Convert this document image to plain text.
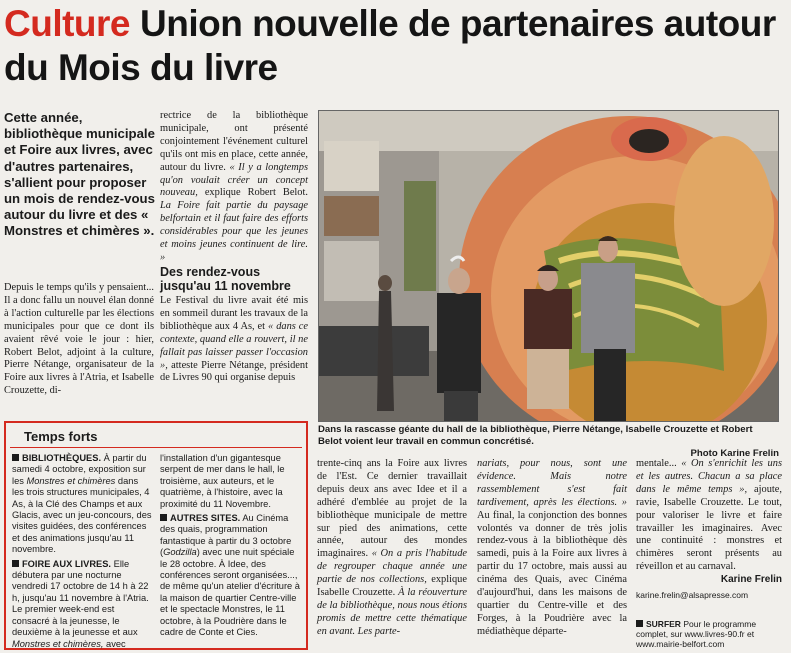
Culture Union nouvelle de partenaires autour du Mois du livre
Cette année, bibliothèque municipale et Foire aux livres, avec d'autres partenaires, s'allient pour proposer un mois de rendez-vous autour du livre et des « Monstres et chimères ».
Depuis le temps qu'ils y pensaient... Il a donc fallu un nouvel élan donné à l'action culturelle par les élections municipales pour que ce dont ils avaient rêvé voie le jour : hier, Robert Belot, adjoint à la culture, Pierre Nétange, organisateur de la Foire aux livres à l'Atria, et Isabelle Crouzette, di-
rectrice de la bibliothèque municipale, ont présenté conjointement l'événement culturel qu'ils ont mis en place, cette année, autour du livre. « Il y a longtemps qu'on voulait créer un concept nouveau, explique Robert Belot. La Foire fait partie du paysage belfortain et il faut faire des efforts considérables pour que les jeunes et moins jeunes continuent de lire. »
Des rendez-vous jusqu'au 11 novembre
Le Festival du livre avait été mis en sommeil durant les travaux de la bibliothèque aux 4 As, et « dans ce contexte, quand elle a rouvert, il ne fallait pas laisser passer l'occasion », atteste Pierre Nétange, président de Livres 90 qui organise depuis
Dans la rascasse géante du hall de la bibliothèque, Pierre Nétange, Isabelle Crouzette et Robert Belot voient leur travail en commun concrétisé.
Photo Karine Frelin
Temps forts
BIBLIOTHÈQUES. À partir du samedi 4 octobre, exposition sur les Monstres et chimères dans les trois structures municipales, 4 As, à la Clé des Champs et aux Glacis, avec un jeu-concours, des visites guidées, des conférences et des animations jusqu'au 11 novembre.
FOIRE AUX LIVRES. Elle débutera par une nocturne vendredi 17 octobre de 14 h à 22 h, jusqu'au 11 novembre à l'Atria. Le premier week-end est consacré à la jeunesse, le deuxième à la jeunesse et aux Monstres et chimères, avec
l'installation d'un gigantesque serpent de mer dans le hall, le troisième, aux auteurs, et le quatrième, à l'histoire, avec la proximité du 11 Novembre.
AUTRES SITES. Au Cinéma des quais, programmation fantastique à partir du 3 octobre (Godzilla) avec une nuit spéciale le 28 octobre. À Idee, des conférences seront organisées..., de même qu'un atelier d'écriture à la maison de quartier Centre-ville et le spectacle Monstres, le 11 octobre, à la Poudrière dans le cadre de Conte et Cies.
trente-cinq ans la Foire aux livres de l'Est. Ce dernier travaillait depuis deux ans avec Idee et il a adhéré d'emblée au projet de la bibliothèque municipale de mettre sur pied des animations, cette année, autour des mondes imaginaires. « On a pris l'habitude de regrouper chaque année une partie de nos collections, explique Isabelle Crouzette. À la réouverture de la bibliothèque, nous nous étions promis de mettre cette thématique en avant. Les parte-
nariats, pour nous, sont une évidence. Mais notre rassemblement s'est fait tardivement, après les élections. » Au final, la conjonction des bonnes volontés va donner de très jolis rendez-vous à la bibliothèque dès samedi, puis à la Foire aux livres à partir du 17 octobre, mais aussi au cinéma des Quais, avec Cinéma d'aujourd'hui, dans les maisons de quartier du Centre-ville et des Forges, à la Poudrière avec la médiathèque départe-
mentale... « On s'enrichit les uns et les autres. Chacun a sa place dans le même temps », ajoute, ravie, Isabelle Crouzette. Le tout, pour valoriser le livre et faire travailler les imaginaires. Avec une continuité : monstres et chimères seront présents au réveillon et au carnaval.
Karine Frelin
karine.frelin@alsapresse.com
SURFER Pour le programme complet, sur www.livres-90.fr et www.mairie-belfort.com
